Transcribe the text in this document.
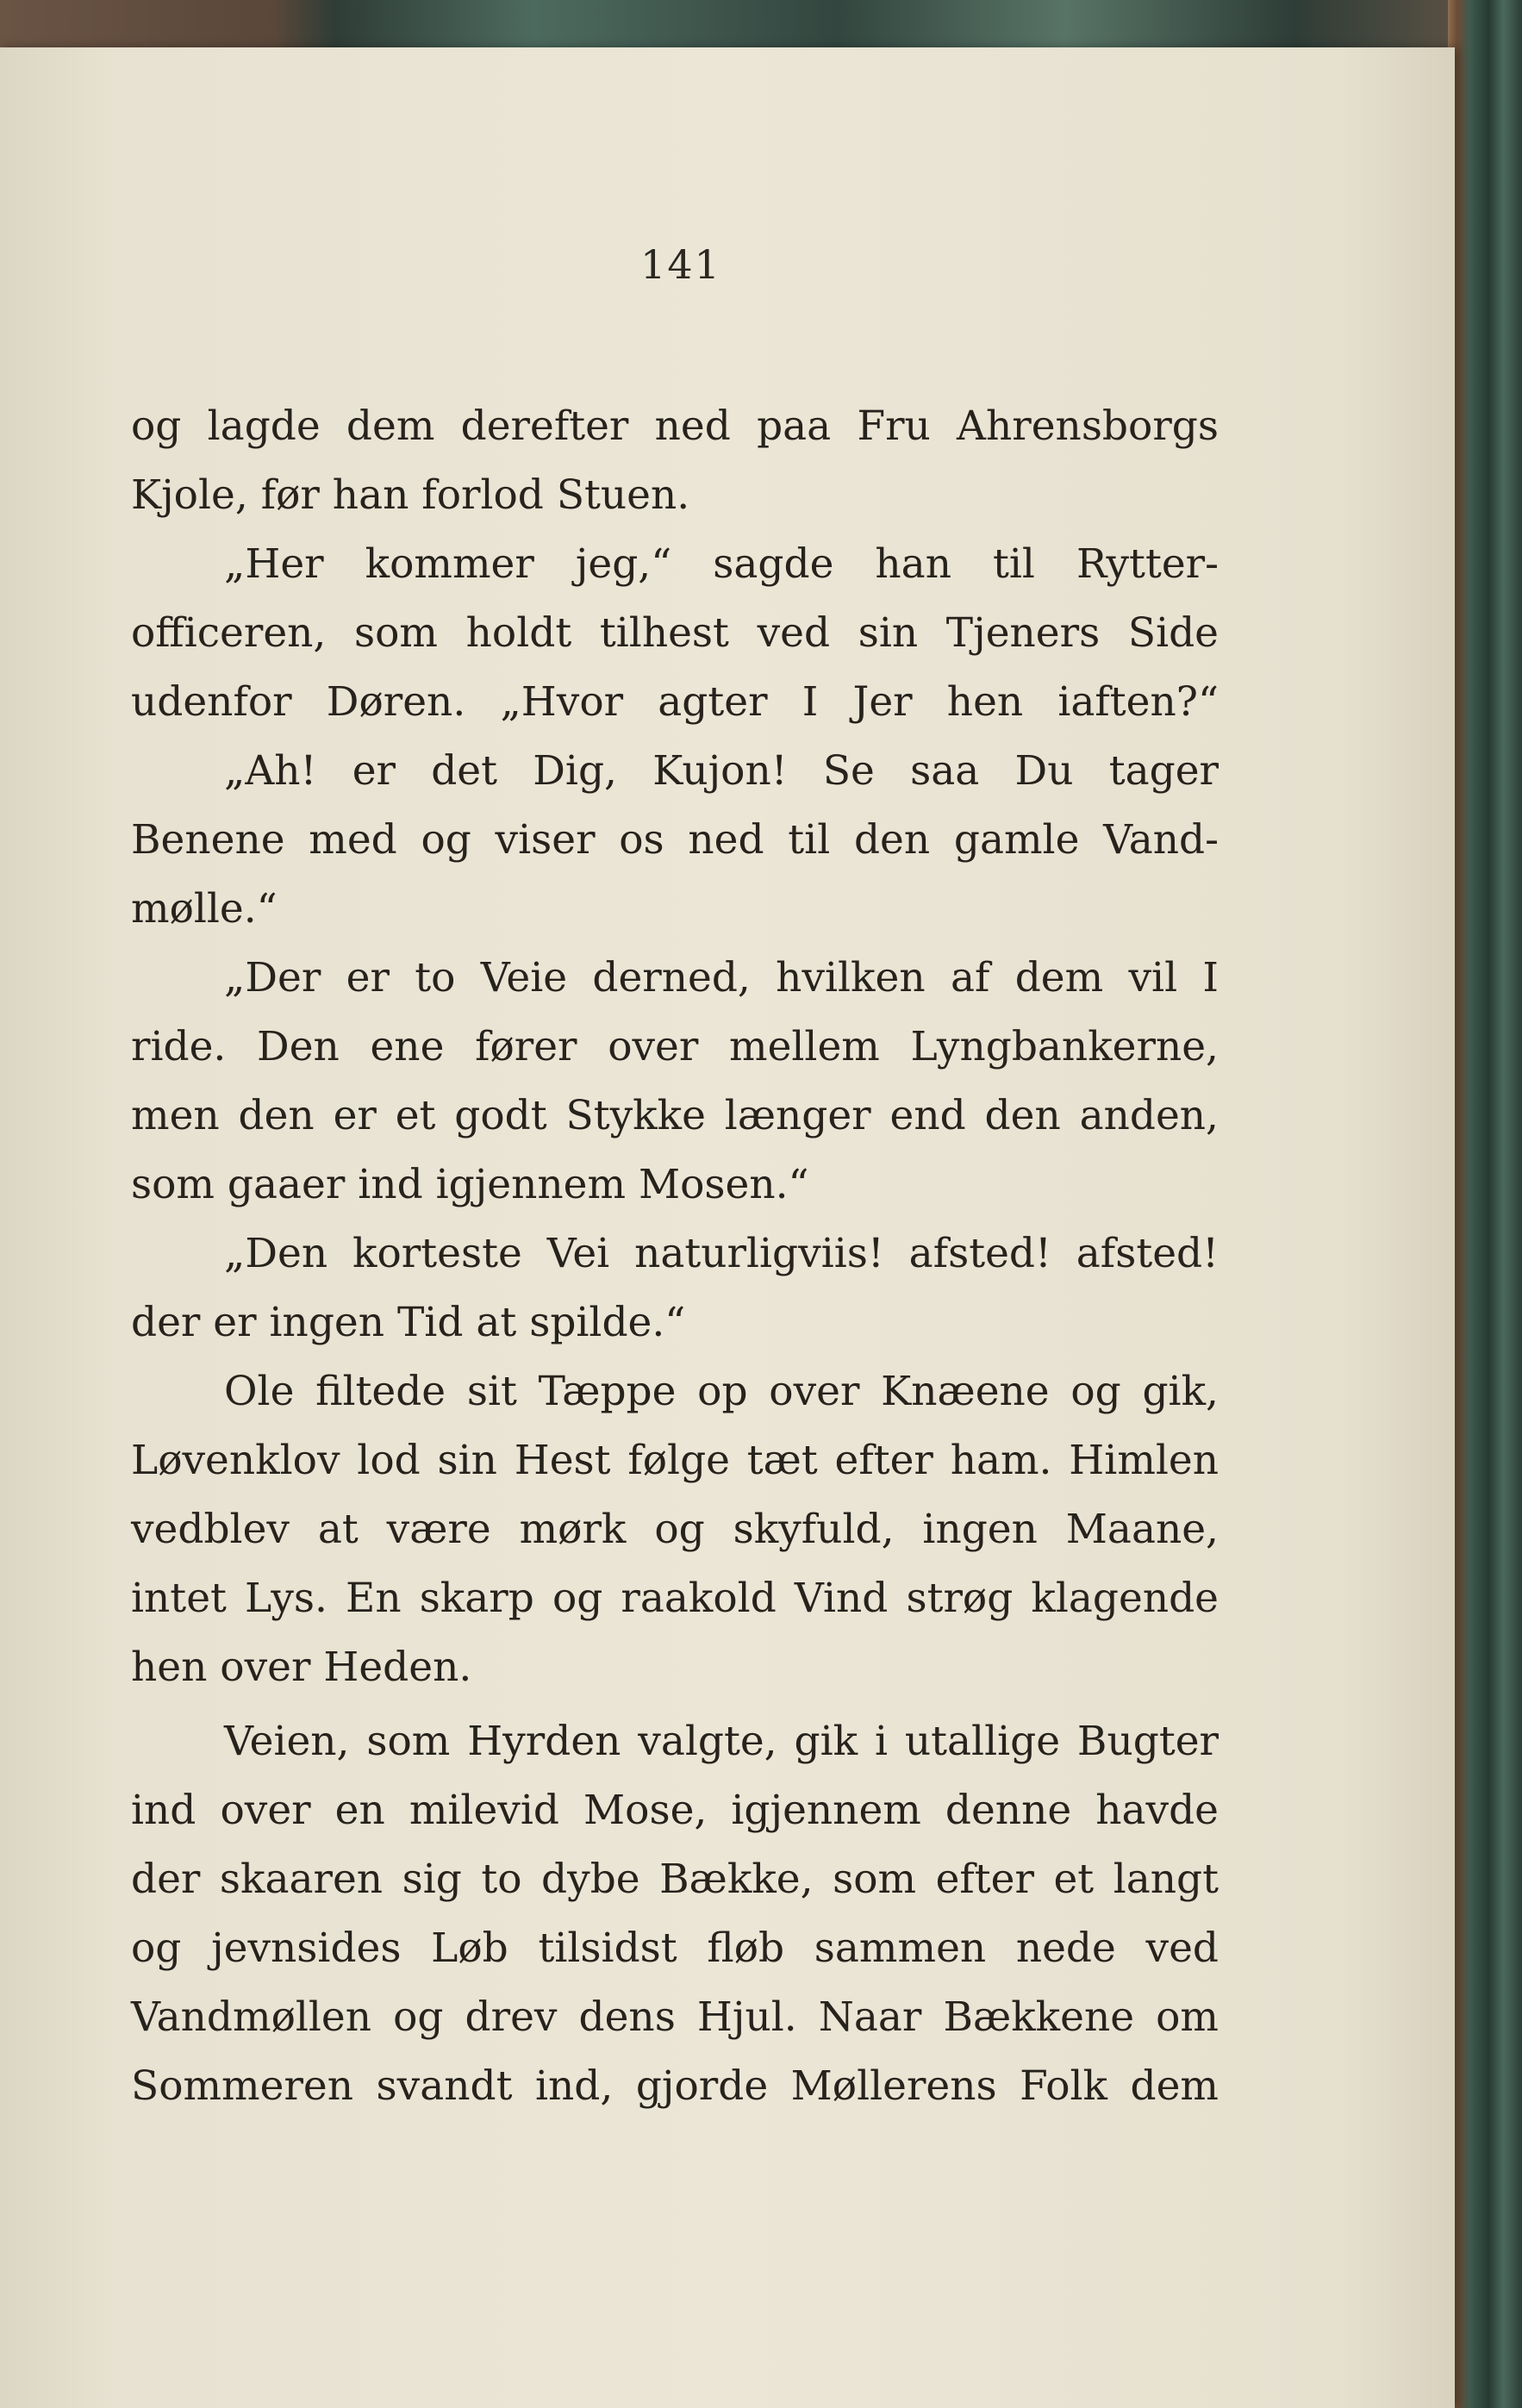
141
og lagde dem derefter ned paa Fru Ahrensborgs
Kjole, før han forlod Stuen.
„Her kommer jeg,“ sagde han til Rytter-
officeren, som holdt tilhest ved sin Tjeners Side
udenfor Døren. „Hvor agter I Jer hen iaften?“
„Ah! er det Dig, Kujon! Se saa Du tager
Benene med og viser os ned til den gamle Vand-
mølle.“
„Der er to Veie derned, hvilken af dem vil I
ride. Den ene fører over mellem Lyngbankerne,
men den er et godt Stykke længer end den anden,
som gaaer ind igjennem Mosen.“
„Den korteste Vei naturligviis! afsted! afsted!
der er ingen Tid at spilde.“
Ole filtede sit Tæppe op over Knæene og gik,
Løvenklov lod sin Hest følge tæt efter ham. Himlen
vedblev at være mørk og skyfuld, ingen Maane,
intet Lys. En skarp og raakold Vind strøg klagende
hen over Heden.
Veien, som Hyrden valgte, gik i utallige Bugter
ind over en milevid Mose, igjennem denne havde
der skaaren sig to dybe Bække, som efter et langt
og jevnsides Løb tilsidst fløb sammen nede ved
Vandmøllen og drev dens Hjul. Naar Bækkene om
Sommeren svandt ind, gjorde Møllerens Folk dem
